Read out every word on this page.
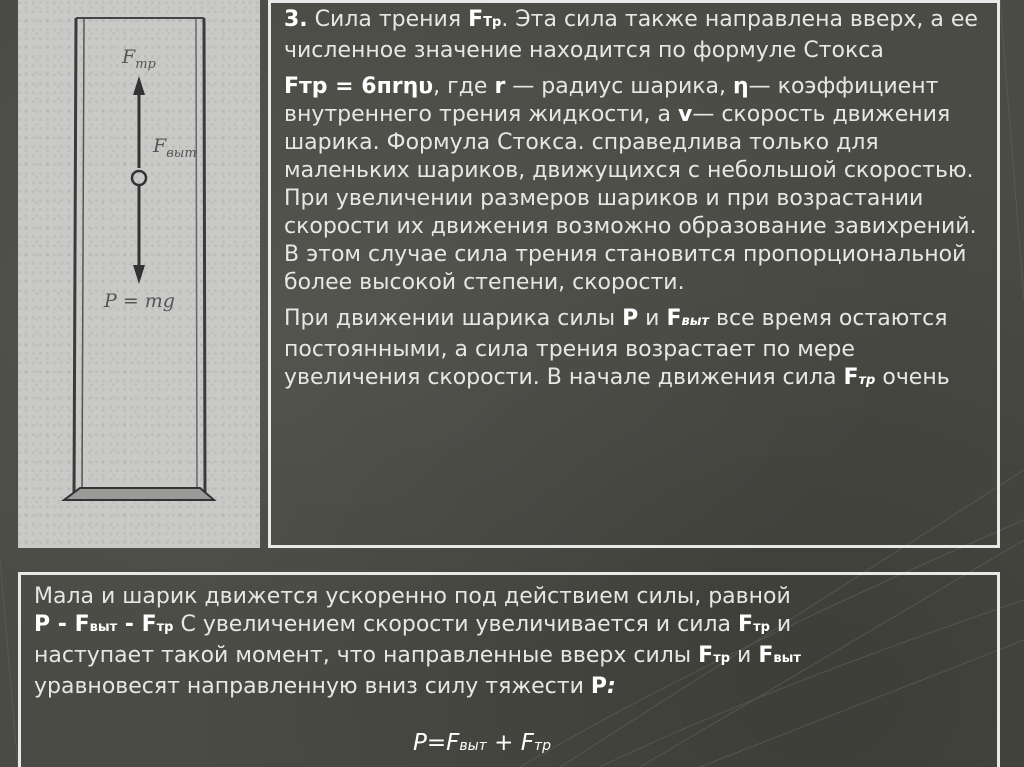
$F_{тр}$
$F_{выт}$
P = mg

3. Сила трения FTp. Эта сила также направлена вверх, а ее численное значение находится по формуле Стокса

Fтр = 6пrηυ, где r — радиус шарика, η— коэффициент внутреннего трения жидкости, а v— скорость движения шарика. Формула Стокса. справедлива только для маленьких шариков, движущихся с небольшой скоростью. При увеличении размеров шариков и при возрастании скорости их движения возможно образование завихрений. В этом случае сила трения становится пропорциональной более высокой степени, скорости.

При движении шарика силы P и Fвыт все время остаются постоянными, а сила трения возрастает по мере увеличения скорости. В начале движения сила Fтр очень

Мала и шарик движется ускоренно под действием силы, равной
P - Fвыт - Fтр С увеличением скорости увеличивается и сила Fтр и
наступает такой момент, что направленные вверх силы Fтр и Fвыт
уравновесят направленную вниз силу тяжести P:
P=Fвыт + Fтр
